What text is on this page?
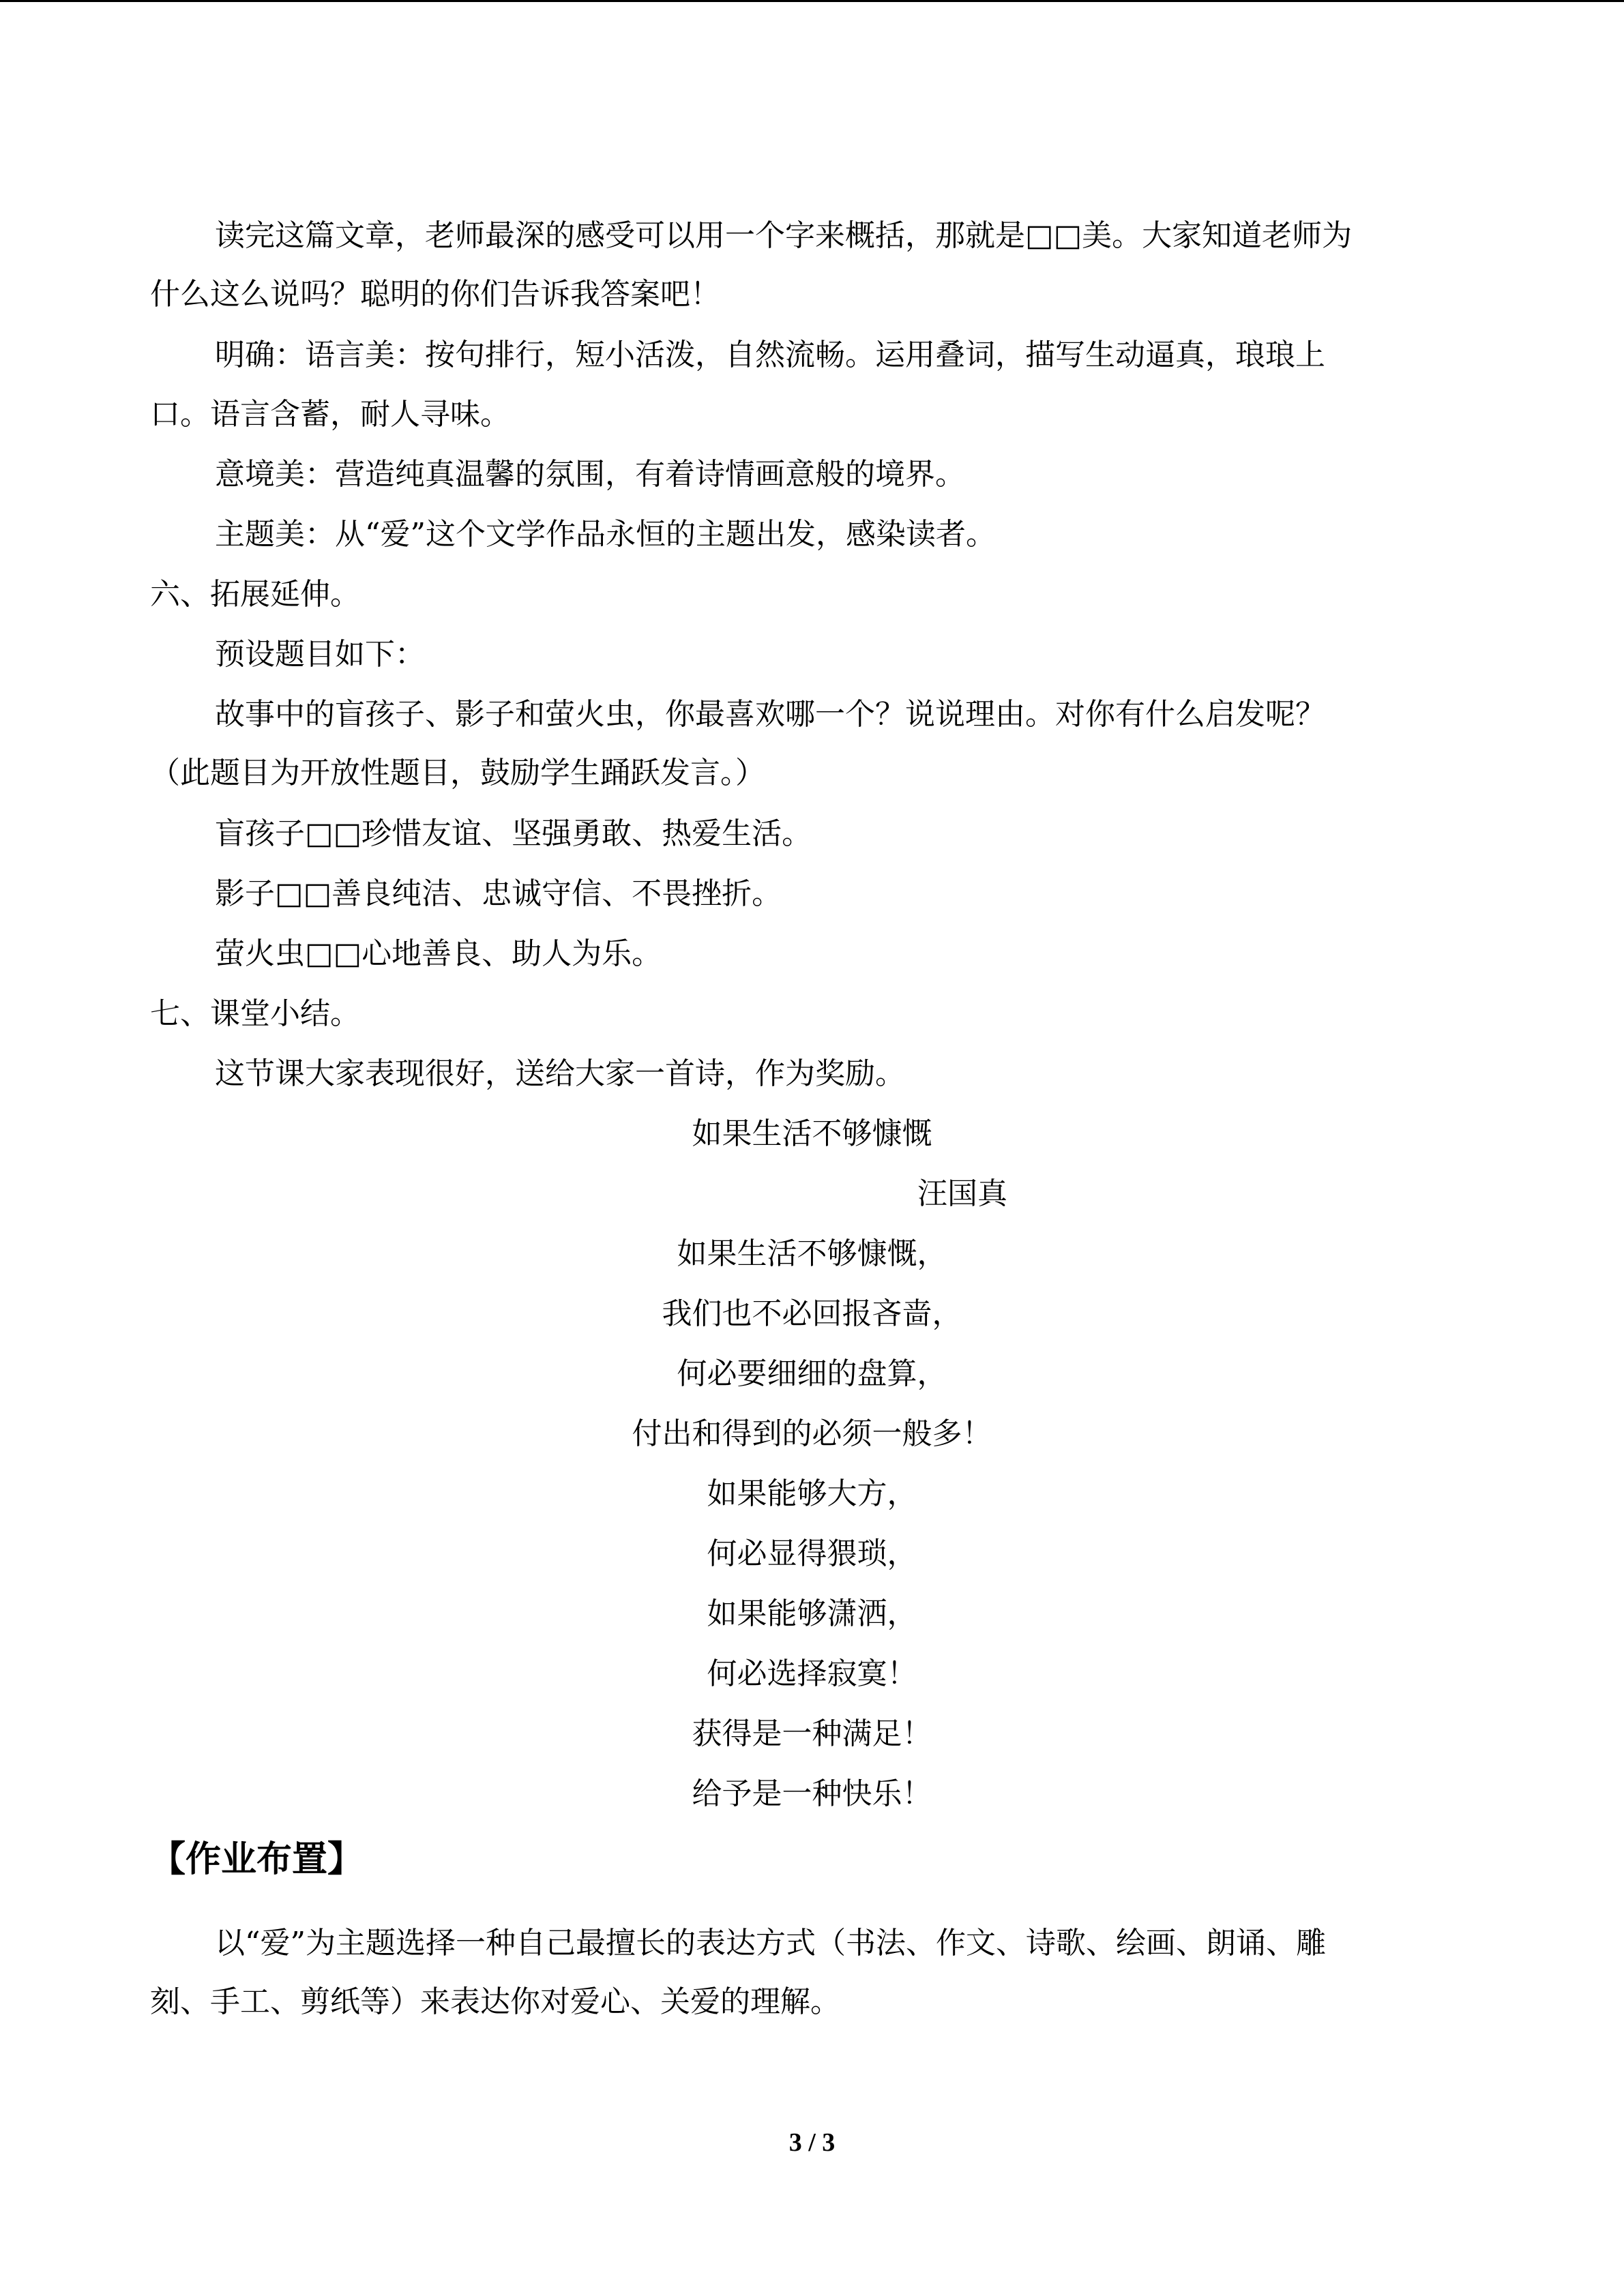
读完这篇文章，老师最深的感受可以用一个字来概括，那就是□□美。大家知道老师为
什么这么说吗？聪明的你们告诉我答案吧！
明确：语言美：按句排行，短小活泼，自然流畅。运用叠词，描写生动逼真，琅琅上
口。语言含蓄，耐人寻味。
意境美：营造纯真温馨的氛围，有着诗情画意般的境界。
主题美：从“爱”这个文学作品永恒的主题出发，感染读者。
六、拓展延伸。
预设题目如下：
故事中的盲孩子、影子和萤火虫，你最喜欢哪一个？说说理由。对你有什么启发呢？
（此题目为开放性题目，鼓励学生踊跃发言。）
盲孩子□□珍惜友谊、坚强勇敢、热爱生活。
影子□□善良纯洁、忠诚守信、不畏挫折。
萤火虫□□心地善良、助人为乐。
七、课堂小结。
这节课大家表现很好，送给大家一首诗，作为奖励。
如果生活不够慷慨
汪国真
如果生活不够慷慨，
我们也不必回报吝啬，
何必要细细的盘算，
付出和得到的必须一般多！
如果能够大方，
何必显得猥琐，
如果能够潇洒，
何必选择寂寞！
获得是一种满足！
给予是一种快乐！
【作业布置】
以“爱”为主题选择一种自己最擅长的表达方式（书法、作文、诗歌、绘画、朗诵、雕
刻、手工、剪纸等）来表达你对爱心、关爱的理解。
3 / 3
